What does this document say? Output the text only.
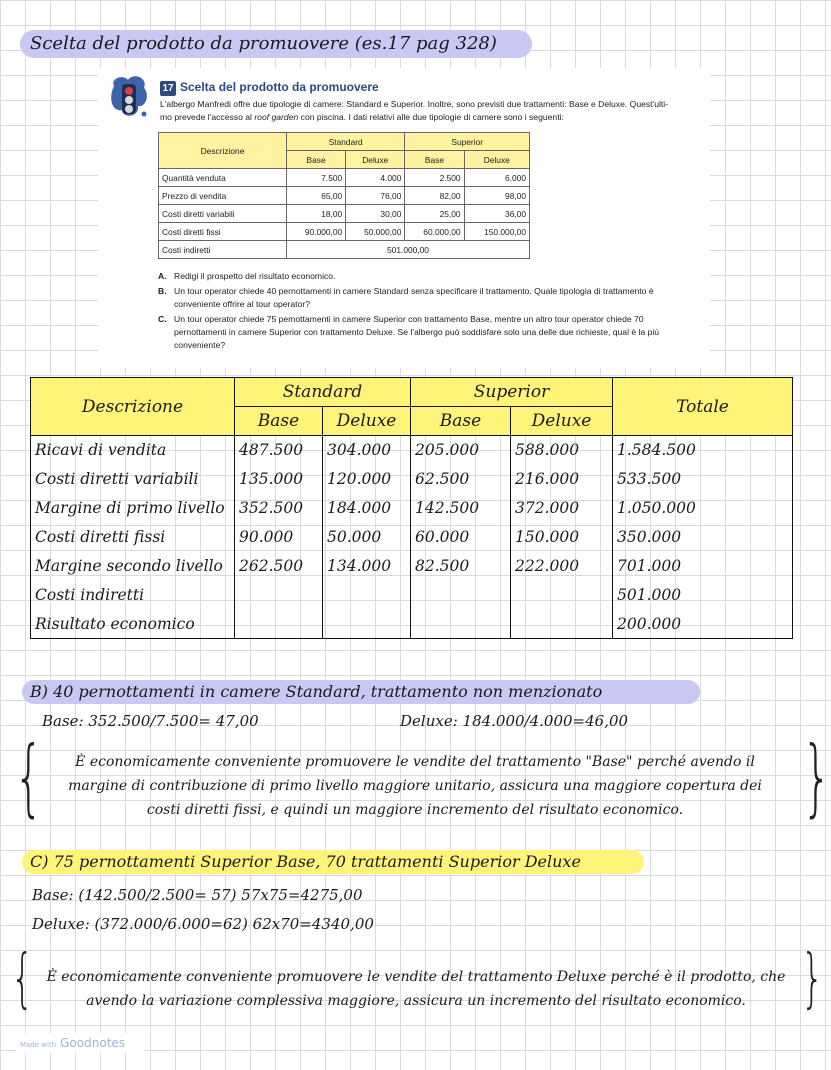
Scelta del prodotto da promuovere (es.17 pag 328)
17 Scelta del prodotto da promuovere
L'albergo Manfredi offre due tipologie di camere: Standard e Superior. Inoltre, sono previsti due trattamenti: Base e Deluxe. Quest'ulti-
mo prevede l'accesso al roof garden con piscina. I dati relativi alle due tipologie di camere sono i seguenti:
Descrizione	Standard		Superior	
	Base	Deluxe	Base	Deluxe
Quantità venduta	7.500	4.000	2.500	6.000
Prezzo di vendita	65,00	76,00	82,00	98,00
Costi diretti variabili	18,00	30,00	25,00	36,00
Costi diretti fissi	90.000,00	50.000,00	60.000,00	150.000,00
Costi indiretti	501.000,00			
A. Redigi il prospetto del risultato economico.
B. Un tour operator chiede 40 pernottamenti in camere Standard senza specificare il trattamento. Quale tipologia di trattamento è conveniente offrire al tour operator?
C. Un tour operator chiede 75 pemottamenti in camere Superior con trattamento Base, mentre un altro tour operator chiede 70 pernottamenti in camere Superior con trattamento Deluxe. Se l'albergo può soddisfare solo una delle due richieste, qual è la più conveniente?
Descrizione	Standard		Superior		Totale
	Base	Deluxe	Base	Deluxe	
Ricavi di vendita	487.500	304.000	205.000	588.000	1.584.500
Costi diretti variabili	135.000	120.000	62.500	216.000	533.500
Margine di primo livello	352.500	184.000	142.500	372.000	1.050.000
Costi diretti fissi	90.000	50.000	60.000	150.000	350.000
Margine secondo livello	262.500	134.000	82.500	222.000	701.000
Costi indiretti					501.000
Risultato economico					200.000
B) 40 pernottamenti in camere Standard, trattamento non menzionato
Base: 352.500/7.500= 47,00	Deluxe: 184.000/4.000=46,00
{	}
È economicamente conveniente promuovere le vendite del trattamento "Base" perché avendo il
margine di contribuzione di primo livello maggiore unitario, assicura una maggiore copertura dei
costi diretti fissi, e quindi un maggiore incremento del risultato economico.
C) 75 pernottamenti Superior Base, 70 trattamenti Superior Deluxe
Base: (142.500/2.500= 57) 57x75=4275,00
Deluxe: (372.000/6.000=62) 62x70=4340,00
{	}
È economicamente conveniente promuovere le vendite del trattamento Deluxe perché è il prodotto, che
avendo la variazione complessiva maggiore, assicura un incremento del risultato economico.
Made with Goodnotes
